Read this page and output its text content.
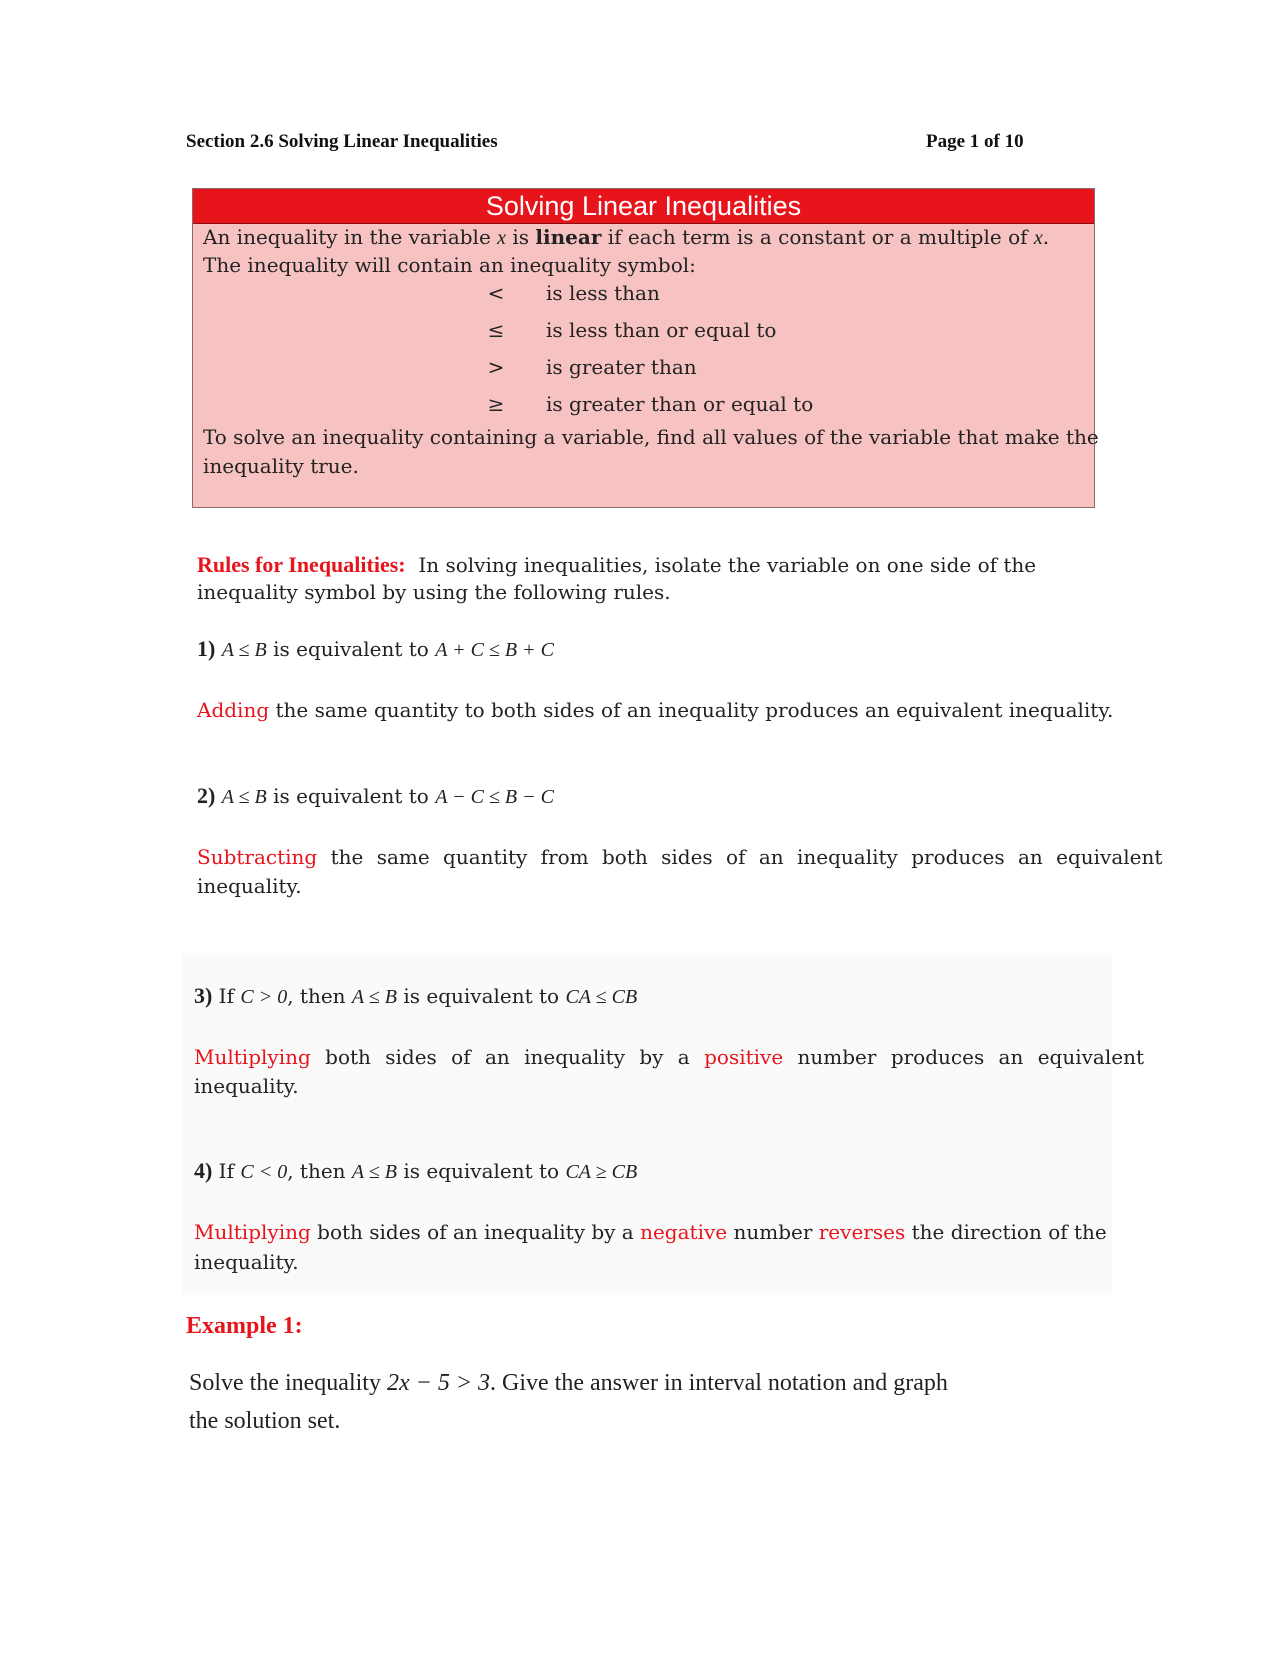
Section 2.6 Solving Linear Inequalities	Page 1 of 10
Solving Linear Inequalities
An inequality in the variable x is linear if each term is a constant or a multiple of x.
The inequality will contain an inequality symbol:
<	is less than
≤	is less than or equal to
>	is greater than
≥	is greater than or equal to
To solve an inequality containing a variable, find all values of the variable that make the
inequality true.
Rules for Inequalities: In solving inequalities, isolate the variable on one side of the
inequality symbol by using the following rules.
1) A ≤ B is equivalent to A + C ≤ B + C
Adding the same quantity to both sides of an inequality produces an equivalent inequality.
2) A ≤ B is equivalent to A − C ≤ B − C
Subtracting the same quantity from both sides of an inequality produces an equivalent
inequality.
3) If C > 0, then A ≤ B is equivalent to CA ≤ CB
Multiplying both sides of an inequality by a positive number produces an equivalent
inequality.
4) If C < 0, then A ≤ B is equivalent to CA ≥ CB
Multiplying both sides of an inequality by a negative number reverses the direction of the
inequality.
Example 1:
Solve the inequality 2x − 5 > 3. Give the answer in interval notation and graph
the solution set.
